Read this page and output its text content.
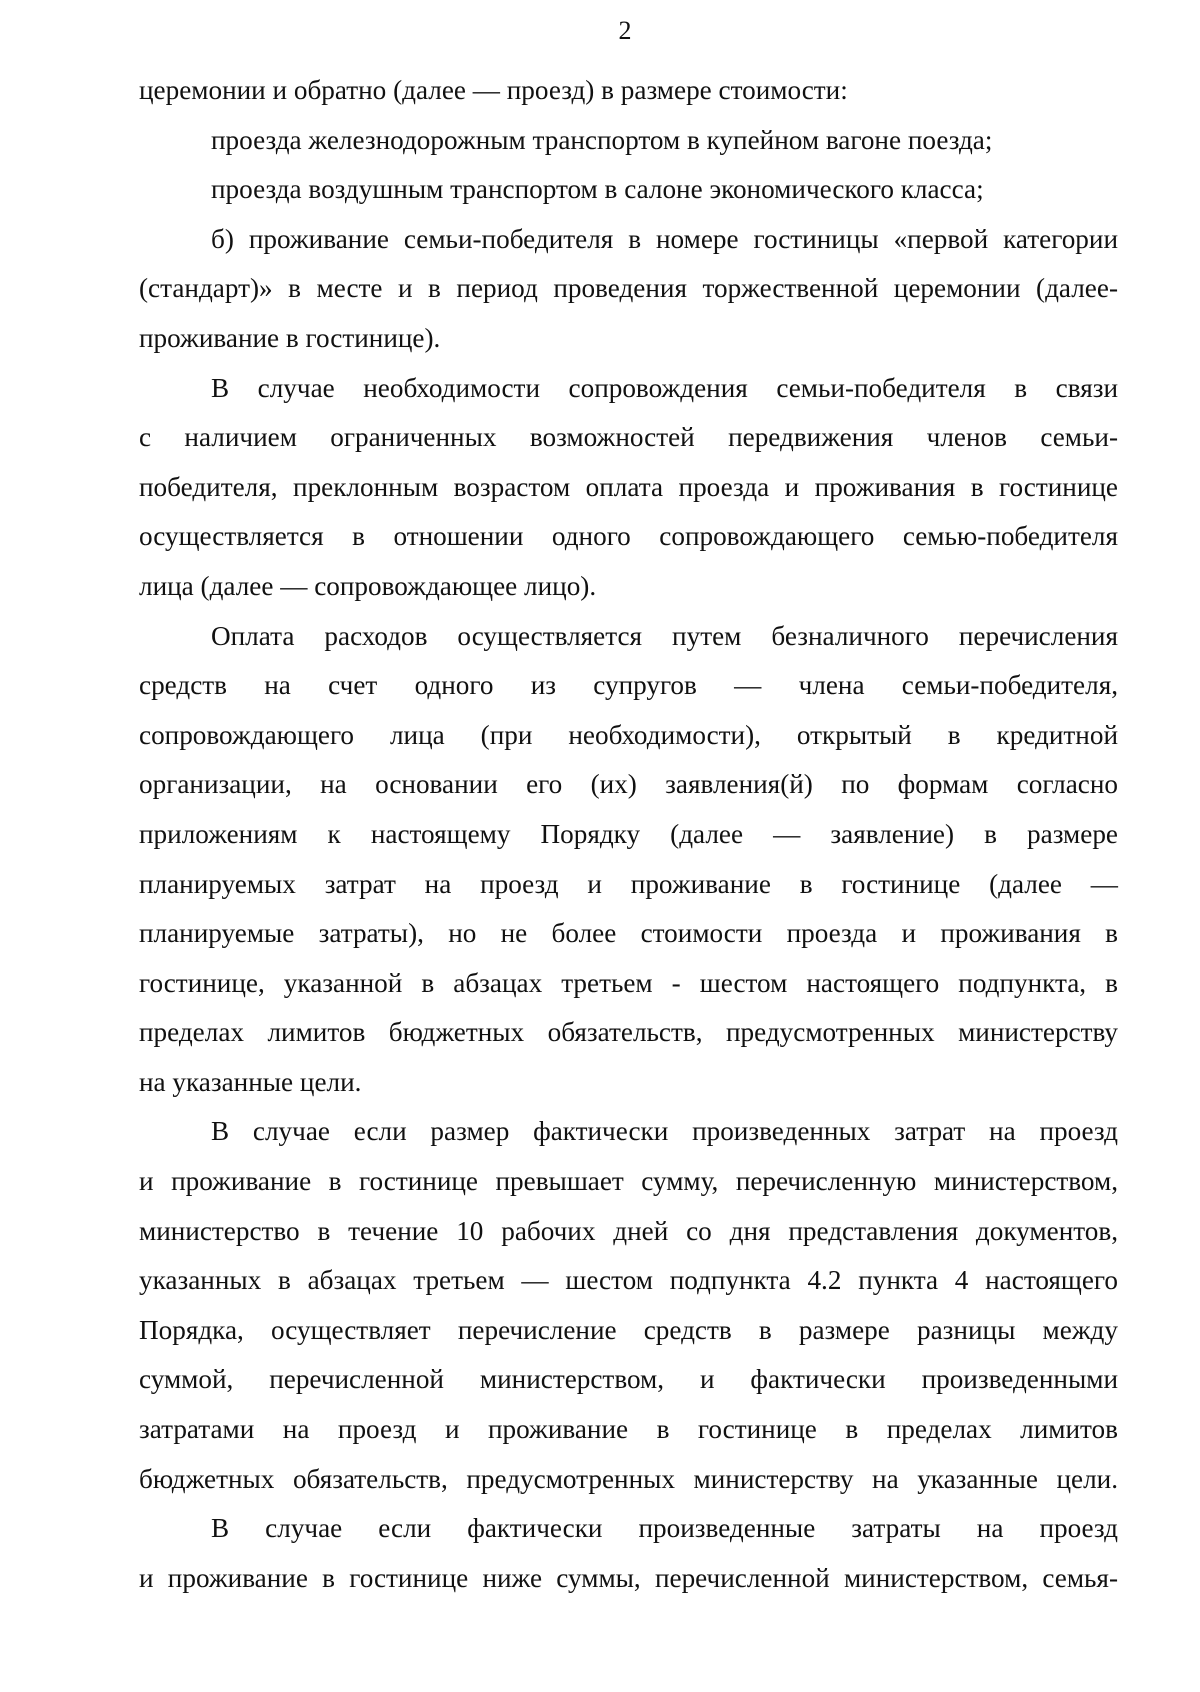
2
церемонии и обратно (далее — проезд) в размере стоимости:
проезда железнодорожным транспортом в купейном вагоне поезда;
проезда воздушным транспортом в салоне экономического класса;
б) проживание семьи-победителя в номере гостиницы «первой категории
(стандарт)» в месте и в период проведения торжественной церемонии (далее-
проживание в гостинице).
В случае необходимости сопровождения семьи-победителя в связи
с наличием ограниченных возможностей передвижения членов семьи-
победителя, преклонным возрастом оплата проезда и проживания в гостинице
осуществляется в отношении одного сопровождающего семью-победителя
лица (далее — сопровождающее лицо).
Оплата расходов осуществляется путем безналичного перечисления
средств на счет одного из супругов — члена семьи-победителя,
сопровождающего лица (при необходимости), открытый в кредитной
организации, на основании его (их) заявления(й) по формам согласно
приложениям к настоящему Порядку (далее — заявление) в размере
планируемых затрат на проезд и проживание в гостинице (далее —
планируемые затраты), но не более стоимости проезда и проживания в
гостинице, указанной в абзацах третьем - шестом настоящего подпункта, в
пределах лимитов бюджетных обязательств, предусмотренных министерству
на указанные цели.
В случае если размер фактически произведенных затрат на проезд
и проживание в гостинице превышает сумму, перечисленную министерством,
министерство в течение 10 рабочих дней со дня представления документов,
указанных в абзацах третьем — шестом подпункта 4.2 пункта 4 настоящего
Порядка, осуществляет перечисление средств в размере разницы между
суммой, перечисленной министерством, и фактически произведенными
затратами на проезд и проживание в гостинице в пределах лимитов
бюджетных обязательств, предусмотренных министерству на указанные цели.
В случае если фактически произведенные затраты на проезд
и проживание в гостинице ниже суммы, перечисленной министерством, семья-
